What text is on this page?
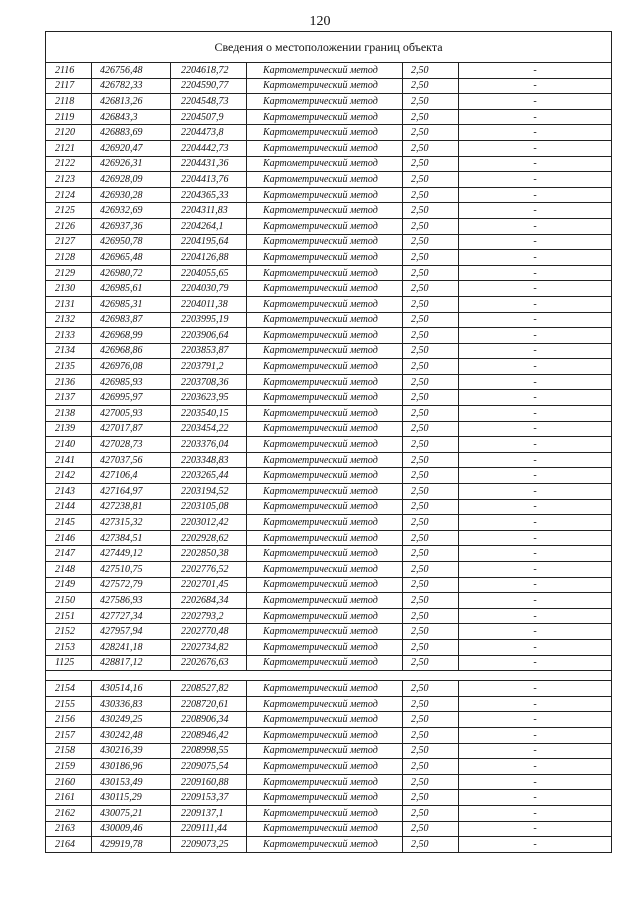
120
Сведения о местоположении границ объекта					
2116	426756,48	2204618,72	Картометрический метод	2,50	-
2117	426782,33	2204590,77	Картометрический метод	2,50	-
2118	426813,26	2204548,73	Картометрический метод	2,50	-
2119	426843,3	2204507,9	Картометрический метод	2,50	-
2120	426883,69	2204473,8	Картометрический метод	2,50	-
2121	426920,47	2204442,73	Картометрический метод	2,50	-
2122	426926,31	2204431,36	Картометрический метод	2,50	-
2123	426928,09	2204413,76	Картометрический метод	2,50	-
2124	426930,28	2204365,33	Картометрический метод	2,50	-
2125	426932,69	2204311,83	Картометрический метод	2,50	-
2126	426937,36	2204264,1	Картометрический метод	2,50	-
2127	426950,78	2204195,64	Картометрический метод	2,50	-
2128	426965,48	2204126,88	Картометрический метод	2,50	-
2129	426980,72	2204055,65	Картометрический метод	2,50	-
2130	426985,61	2204030,79	Картометрический метод	2,50	-
2131	426985,31	2204011,38	Картометрический метод	2,50	-
2132	426983,87	2203995,19	Картометрический метод	2,50	-
2133	426968,99	2203906,64	Картометрический метод	2,50	-
2134	426968,86	2203853,87	Картометрический метод	2,50	-
2135	426976,08	2203791,2	Картометрический метод	2,50	-
2136	426985,93	2203708,36	Картометрический метод	2,50	-
2137	426995,97	2203623,95	Картометрический метод	2,50	-
2138	427005,93	2203540,15	Картометрический метод	2,50	-
2139	427017,87	2203454,22	Картометрический метод	2,50	-
2140	427028,73	2203376,04	Картометрический метод	2,50	-
2141	427037,56	2203348,83	Картометрический метод	2,50	-
2142	427106,4	2203265,44	Картометрический метод	2,50	-
2143	427164,97	2203194,52	Картометрический метод	2,50	-
2144	427238,81	2203105,08	Картометрический метод	2,50	-
2145	427315,32	2203012,42	Картометрический метод	2,50	-
2146	427384,51	2202928,62	Картометрический метод	2,50	-
2147	427449,12	2202850,38	Картометрический метод	2,50	-
2148	427510,75	2202776,52	Картометрический метод	2,50	-
2149	427572,79	2202701,45	Картометрический метод	2,50	-
2150	427586,93	2202684,34	Картометрический метод	2,50	-
2151	427727,34	2202793,2	Картометрический метод	2,50	-
2152	427957,94	2202770,48	Картометрический метод	2,50	-
2153	428241,18	2202734,82	Картометрический метод	2,50	-
1125	428817,12	2202676,63	Картометрический метод	2,50	-

2154	430514,16	2208527,82	Картометрический метод	2,50	-
2155	430336,83	2208720,61	Картометрический метод	2,50	-
2156	430249,25	2208906,34	Картометрический метод	2,50	-
2157	430242,48	2208946,42	Картометрический метод	2,50	-
2158	430216,39	2208998,55	Картометрический метод	2,50	-
2159	430186,96	2209075,54	Картометрический метод	2,50	-
2160	430153,49	2209160,88	Картометрический метод	2,50	-
2161	430115,29	2209153,37	Картометрический метод	2,50	-
2162	430075,21	2209137,1	Картометрический метод	2,50	-
2163	430009,46	2209111,44	Картометрический метод	2,50	-
2164	429919,78	2209073,25	Картометрический метод	2,50	-
